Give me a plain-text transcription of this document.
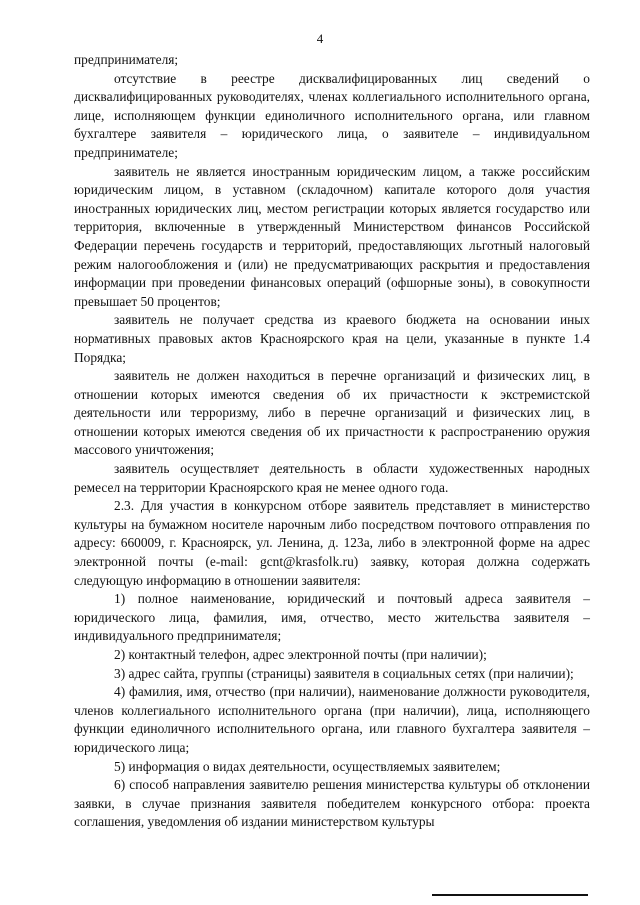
4

предпринимателя;

отсутствие в реестре дисквалифицированных лиц сведений о дисквалифицированных руководителях, членах коллегиального исполнительного органа, лице, исполняющем функции единоличного исполнительного органа, или главном бухгалтере заявителя – юридического лица, о заявителе – индивидуальном предпринимателе;

заявитель не является иностранным юридическим лицом, а также российским юридическим лицом, в уставном (складочном) капитале которого доля участия иностранных юридических лиц, местом регистрации которых является государство или территория, включенные в утвержденный Министерством финансов Российской Федерации перечень государств и территорий, предоставляющих льготный налоговый режим налогообложения и (или) не предусматривающих раскрытия и предоставления информации при проведении финансовых операций (офшорные зоны), в совокупности превышает 50 процентов;

заявитель не получает средства из краевого бюджета на основании иных нормативных правовых актов Красноярского края на цели, указанные в пункте 1.4 Порядка;

заявитель не должен находиться в перечне организаций и физических лиц, в отношении которых имеются сведения об их причастности к экстремистской деятельности или терроризму, либо в перечне организаций и физических лиц, в отношении которых имеются сведения об их причастности к распространению оружия массового уничтожения;

заявитель осуществляет деятельность в области художественных народных ремесел на территории Красноярского края не менее одного года.

2.3. Для участия в конкурсном отборе заявитель представляет в министерство культуры на бумажном носителе нарочным либо посредством почтового отправления по адресу: 660009, г. Красноярск, ул. Ленина, д. 123а, либо в электронной форме на адрес электронной почты (e-mail: gcnt@krasfolk.ru) заявку, которая должна содержать следующую информацию в отношении заявителя:

1) полное наименование, юридический и почтовый адреса заявителя – юридического лица, фамилия, имя, отчество, место жительства заявителя – индивидуального предпринимателя;

2) контактный телефон, адрес электронной почты (при наличии);

3) адрес сайта, группы (страницы) заявителя в социальных сетях (при наличии);

4) фамилия, имя, отчество (при наличии), наименование должности руководителя, членов коллегиального исполнительного органа (при наличии), лица, исполняющего функции единоличного исполнительного органа, или главного бухгалтера заявителя – юридического лица;

5) информация о видах деятельности, осуществляемых заявителем;

6) способ направления заявителю решения министерства культуры об отклонении заявки, в случае признания заявителя победителем конкурсного отбора: проекта соглашения, уведомления об издании министерством культуры
